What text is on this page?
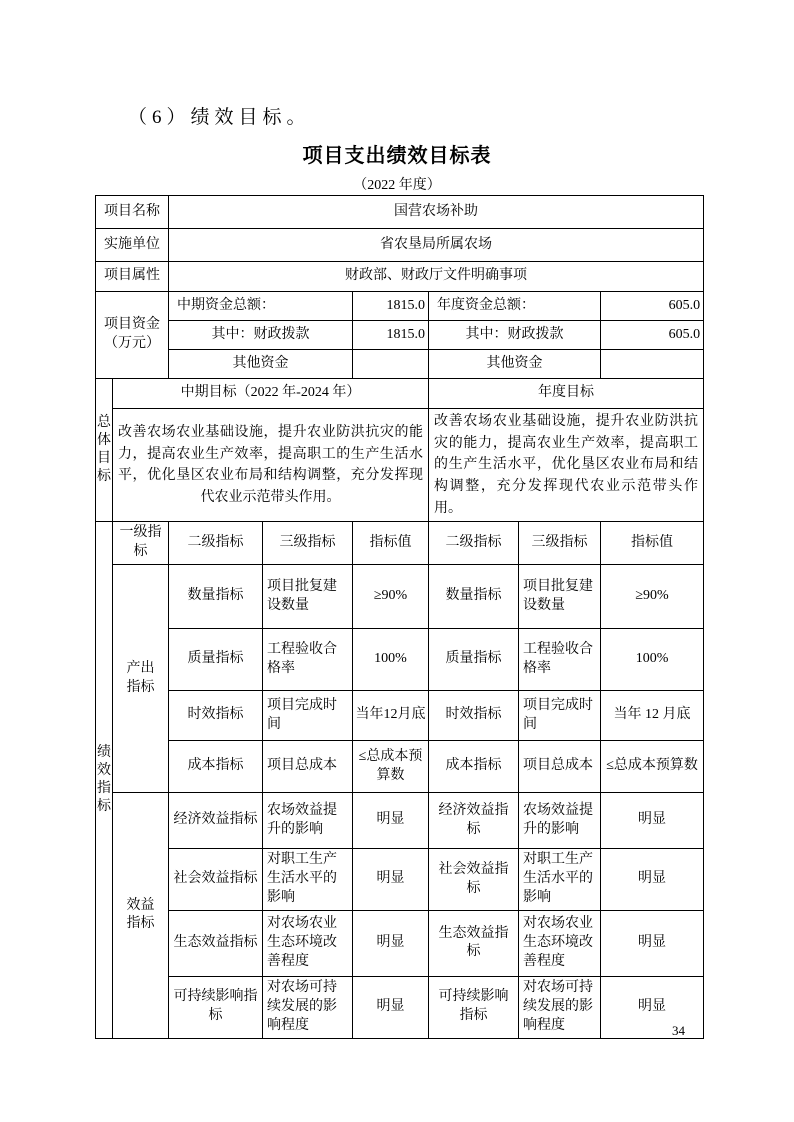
（6）绩效目标。
项目支出绩效目标表
（2022 年度）
项目名称		国营农场补助					
实施单位		省农垦局所属农场					
项目属性		财政部、财政厅文件明确事项					
项目资金（万元）		中期资金总额：		1815.0	年度资金总额：		605.0
		其中：财政拨款		1815.0	其中：财政拨款		605.0
		其他资金			其他资金		
总体目标	中期目标（2022 年-2024 年）				年度目标		
	改善农场农业基础设施，提升农业防洪抗灾的能力，提高农业生产效率，提高职工的生产生活水平，优化垦区农业布局和结构调整，充分发挥现代农业示范带头作用。				改善农场农业基础设施，提升农业防洪抗灾的能力，提高农业生产效率，提高职工的生产生活水平，优化垦区农业布局和结构调整，充分发挥现代农业示范带头作用。		
绩效指标	一级指标	二级指标	三级指标	指标值	二级指标	三级指标	指标值
	产出指标	数量指标	项目批复建设数量	≥90%	数量指标	项目批复建设数量	≥90%
		质量指标	工程验收合格率	100%	质量指标	工程验收合格率	100%
		时效指标	项目完成时间	当年12月底	时效指标	项目完成时间	当年 12 月底
		成本指标	项目总成本	≤总成本预算数	成本指标	项目总成本	≤总成本预算数
	效益指标	经济效益指标	农场效益提升的影响	明显	经济效益指标	农场效益提升的影响	明显
		社会效益指标	对职工生产生活水平的影响	明显	社会效益指标	对职工生产生活水平的影响	明显
		生态效益指标	对农场农业生态环境改善程度	明显	生态效益指标	对农场农业生态环境改善程度	明显
		可持续影响指标	对农场可持续发展的影响程度	明显	可持续影响指标	对农场可持续发展的影响程度	明显
34
